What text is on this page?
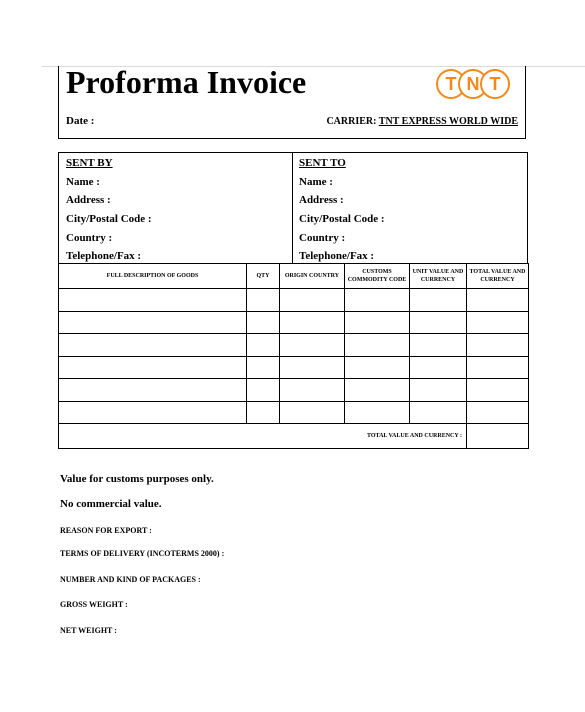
Proforma Invoice	T N T
Date :	CARRIER: TNT EXPRESS WORLD WIDE
SENT BY
Name :
Address :
City/Postal Code :
Country :
Telephone/Fax :
SENT TO
Name :
Address :
City/Postal Code :
Country :
Telephone/Fax :
FULL DESCRIPTION OF GOODS	QTY	ORIGIN COUNTRY	CUSTOMS COMMODITY CODE	UNIT VALUE AND CURRENCY	TOTAL VALUE AND CURRENCY

TOTAL VALUE AND CURRENCY :					
Value for customs purposes only.
No commercial value.
REASON FOR EXPORT :
TERMS OF DELIVERY (INCOTERMS 2000) :
NUMBER AND KIND OF PACKAGES :
GROSS WEIGHT :
NET WEIGHT :
